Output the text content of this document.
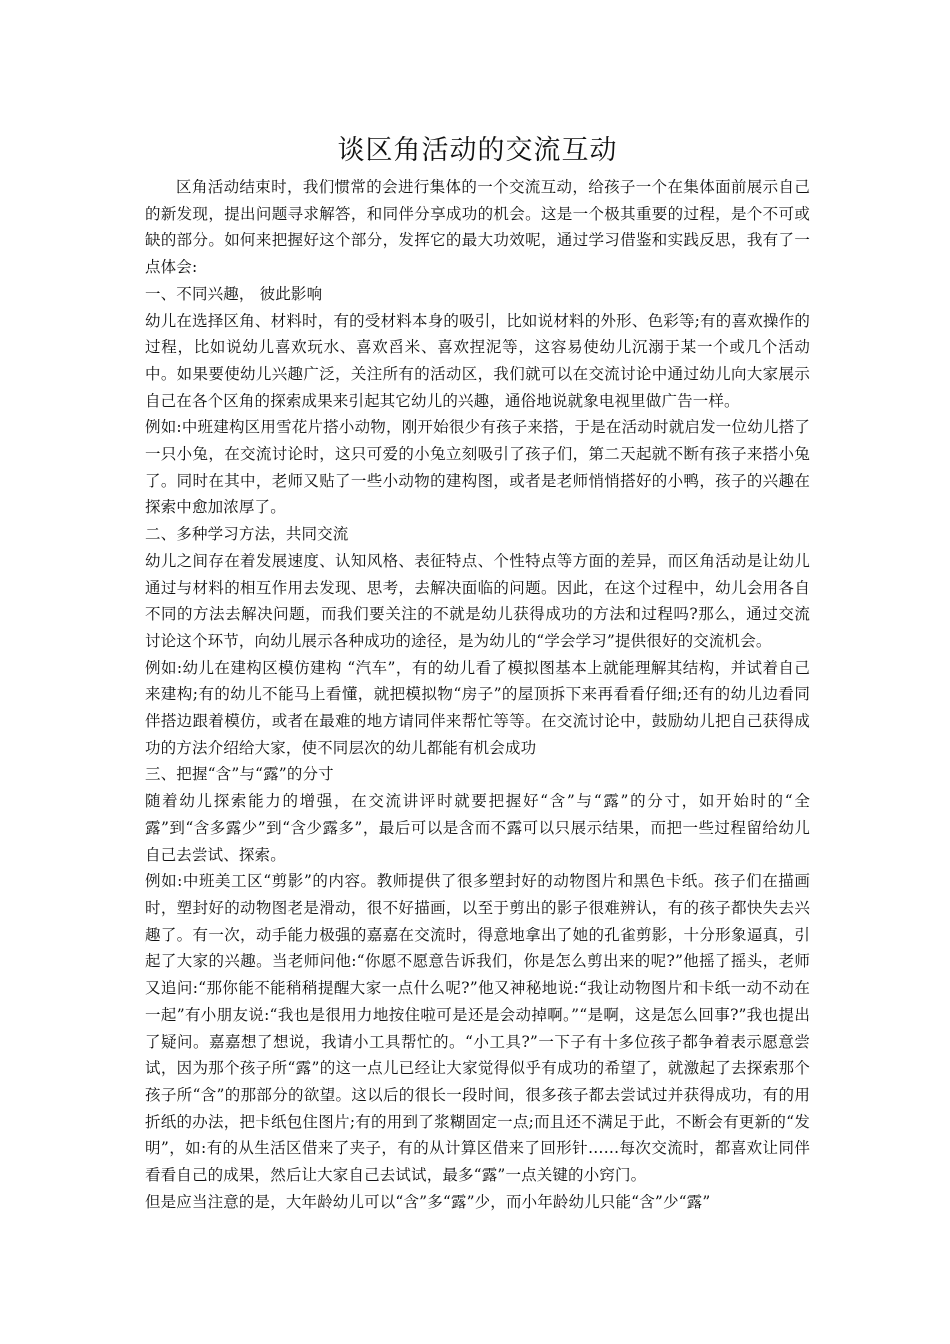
谈区角活动的交流互动

区角活动结束时，我们惯常的会进行集体的一个交流互动，给孩子一个在集体面前展示自己的新发现，提出问题寻求解答，和同伴分享成功的机会。这是一个极其重要的过程，是个不可或缺的部分。如何来把握好这个部分，发挥它的最大功效呢，通过学习借鉴和实践反思，我有了一点体会:

一、不同兴趣， 彼此影响

幼儿在选择区角、材料时，有的受材料本身的吸引，比如说材料的外形、色彩等;有的喜欢操作的过程，比如说幼儿喜欢玩水、喜欢舀米、喜欢捏泥等，这容易使幼儿沉溺于某一个或几个活动中。如果要使幼儿兴趣广泛，关注所有的活动区，我们就可以在交流讨论中通过幼儿向大家展示自己在各个区角的探索成果来引起其它幼儿的兴趣，通俗地说就象电视里做广告一样。

例如:中班建构区用雪花片搭小动物，刚开始很少有孩子来搭，于是在活动时就启发一位幼儿搭了一只小兔，在交流讨论时，这只可爱的小兔立刻吸引了孩子们，第二天起就不断有孩子来搭小兔了。同时在其中，老师又贴了一些小动物的建构图，或者是老师悄悄搭好的小鸭，孩子的兴趣在探索中愈加浓厚了。

二、多种学习方法，共同交流

幼儿之间存在着发展速度、认知风格、表征特点、个性特点等方面的差异，而区角活动是让幼儿通过与材料的相互作用去发现、思考，去解决面临的问题。因此，在这个过程中，幼儿会用各自不同的方法去解决问题，而我们要关注的不就是幼儿获得成功的方法和过程吗?那么，通过交流讨论这个环节，向幼儿展示各种成功的途径，是为幼儿的“学会学习”提供很好的交流机会。

例如:幼儿在建构区模仿建构 “汽车”，有的幼儿看了模拟图基本上就能理解其结构，并试着自己来建构;有的幼儿不能马上看懂，就把模拟物“房子”的屋顶拆下来再看看仔细;还有的幼儿边看同伴搭边跟着模仿，或者在最难的地方请同伴来帮忙等等。在交流讨论中，鼓励幼儿把自己获得成功的方法介绍给大家，使不同层次的幼儿都能有机会成功

三、把握“含”与“露”的分寸

随着幼儿探索能力的增强，在交流讲评时就要把握好“含”与“露”的分寸，如开始时的“全露”到“含多露少”到“含少露多”，最后可以是含而不露可以只展示结果，而把一些过程留给幼儿自己去尝试、探索。

例如:中班美工区“剪影”的内容。教师提供了很多塑封好的动物图片和黑色卡纸。孩子们在描画时，塑封好的动物图老是滑动，很不好描画，以至于剪出的影子很难辨认，有的孩子都快失去兴趣了。有一次，动手能力极强的嘉嘉在交流时，得意地拿出了她的孔雀剪影，十分形象逼真，引起了大家的兴趣。当老师问他:“你愿不愿意告诉我们，你是怎么剪出来的呢?”他摇了摇头，老师又追问:“那你能不能稍稍提醒大家一点什么呢?”他又神秘地说:“我让动物图片和卡纸一动不动在一起”有小朋友说:“我也是很用力地按住啦可是还是会动掉啊。”“是啊，这是怎么回事?”我也提出了疑问。嘉嘉想了想说，我请小工具帮忙的。“小工具?”一下子有十多位孩子都争着表示愿意尝试，因为那个孩子所“露”的这一点儿已经让大家觉得似乎有成功的希望了，就激起了去探索那个孩子所“含”的那部分的欲望。这以后的很长一段时间，很多孩子都去尝试过并获得成功，有的用折纸的办法，把卡纸包住图片;有的用到了浆糊固定一点;而且还不满足于此，不断会有更新的“发明”，如:有的从生活区借来了夹子，有的从计算区借来了回形针……每次交流时，都喜欢让同伴看看自己的成果，然后让大家自己去试试，最多“露”一点关键的小窍门。

但是应当注意的是，大年龄幼儿可以“含”多“露”少，而小年龄幼儿只能“含”少“露”
